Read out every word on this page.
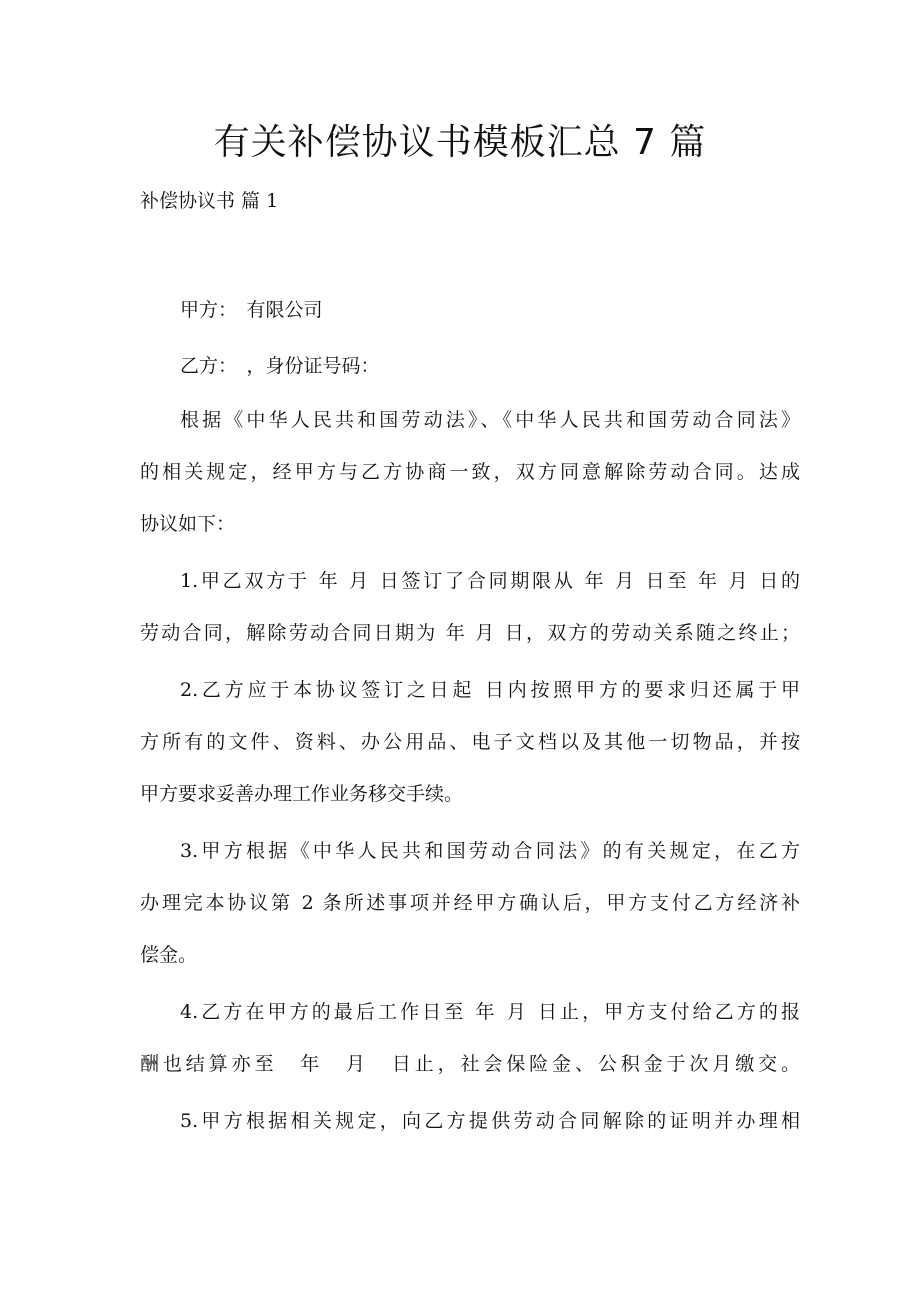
有关补偿协议书模板汇总 7 篇

补偿协议书 篇 1

甲方：　有限公司

乙方：　，身份证号码：

根据《中华人民共和国劳动法》、《中华人民共和国劳动合同法》
的相关规定，经甲方与乙方协商一致，双方同意解除劳动合同。达成
协议如下：
1.甲乙双方于 年 月 日签订了合同期限从 年 月 日至 年 月 日的
劳动合同，解除劳动合同日期为 年 月 日，双方的劳动关系随之终止；
2.乙方应于本协议签订之日起 日内按照甲方的要求归还属于甲
方所有的文件、资料、办公用品、电子文档以及其他一切物品，并按
甲方要求妥善办理工作业务移交手续。
3.甲方根据《中华人民共和国劳动合同法》的有关规定，在乙方
办理完本协议第 2 条所述事项并经甲方确认后，甲方支付乙方经济补
偿金。
4.乙方在甲方的最后工作日至 年 月 日止，甲方支付给乙方的报
酬也结算亦至　年　月　日止，社会保险金、公积金于次月缴交。
5.甲方根据相关规定，向乙方提供劳动合同解除的证明并办理相
